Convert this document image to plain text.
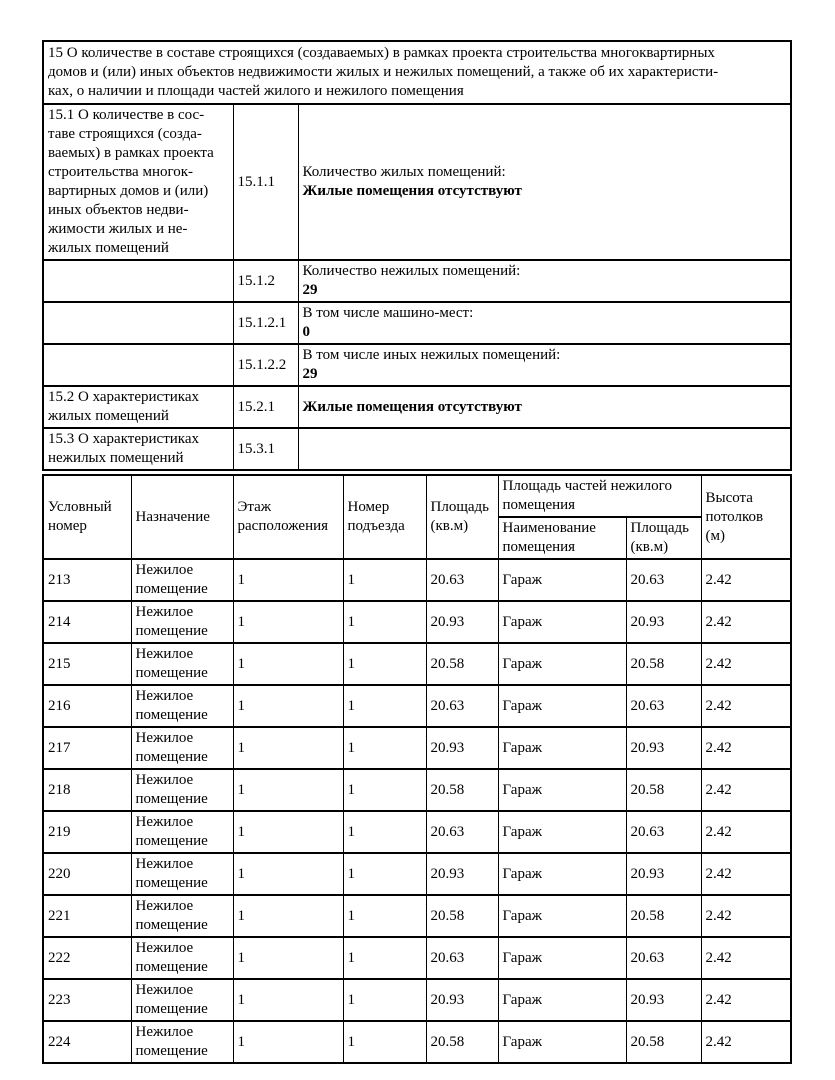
15 О количестве в составе строящихся (создаваемых) в рамках проекта строительства многоквартирных
домов и (или) иных объектов недвижимости жилых и нежилых помещений, а также об их характеристи-
ках, о наличии и площади частей жилого и нежилого помещения		
15.1 О количестве в сос-
таве строящихся (созда-
ваемых) в рамках проекта
строительства многок-
вартирных домов и (или)
иных объектов недви-
жимости жилых и не-
жилых помещений	15.1.1	
Количество жилых помещений:
Жилые помещения отсутствуют

	15.1.2	Количество нежилых помещений:
29

	15.1.2.1	В том числе машино-мест:
0

	15.1.2.2	В том числе иных нежилых помещений:
29

15.2 О характеристиках
жилых помещений	15.2.1	Жилые помещения отсутствуют

15.3 О характеристиках
нежилых помещений	15.3.1	
Условный номер	Назначение	Этаж расположения	Номер подъезда	Площадь (кв.м)	Площадь частей нежилого помещения		Высота потолков (м)
					Наименование помещения	Площадь (кв.м)	
213	Нежилое помещение	1	1	20.63	Гараж	20.63	2.42
214	Нежилое помещение	1	1	20.93	Гараж	20.93	2.42
215	Нежилое помещение	1	1	20.58	Гараж	20.58	2.42
216	Нежилое помещение	1	1	20.63	Гараж	20.63	2.42
217	Нежилое помещение	1	1	20.93	Гараж	20.93	2.42
218	Нежилое помещение	1	1	20.58	Гараж	20.58	2.42
219	Нежилое помещение	1	1	20.63	Гараж	20.63	2.42
220	Нежилое помещение	1	1	20.93	Гараж	20.93	2.42
221	Нежилое помещение	1	1	20.58	Гараж	20.58	2.42
222	Нежилое помещение	1	1	20.63	Гараж	20.63	2.42
223	Нежилое помещение	1	1	20.93	Гараж	20.93	2.42
224	Нежилое помещение	1	1	20.58	Гараж	20.58	2.42
